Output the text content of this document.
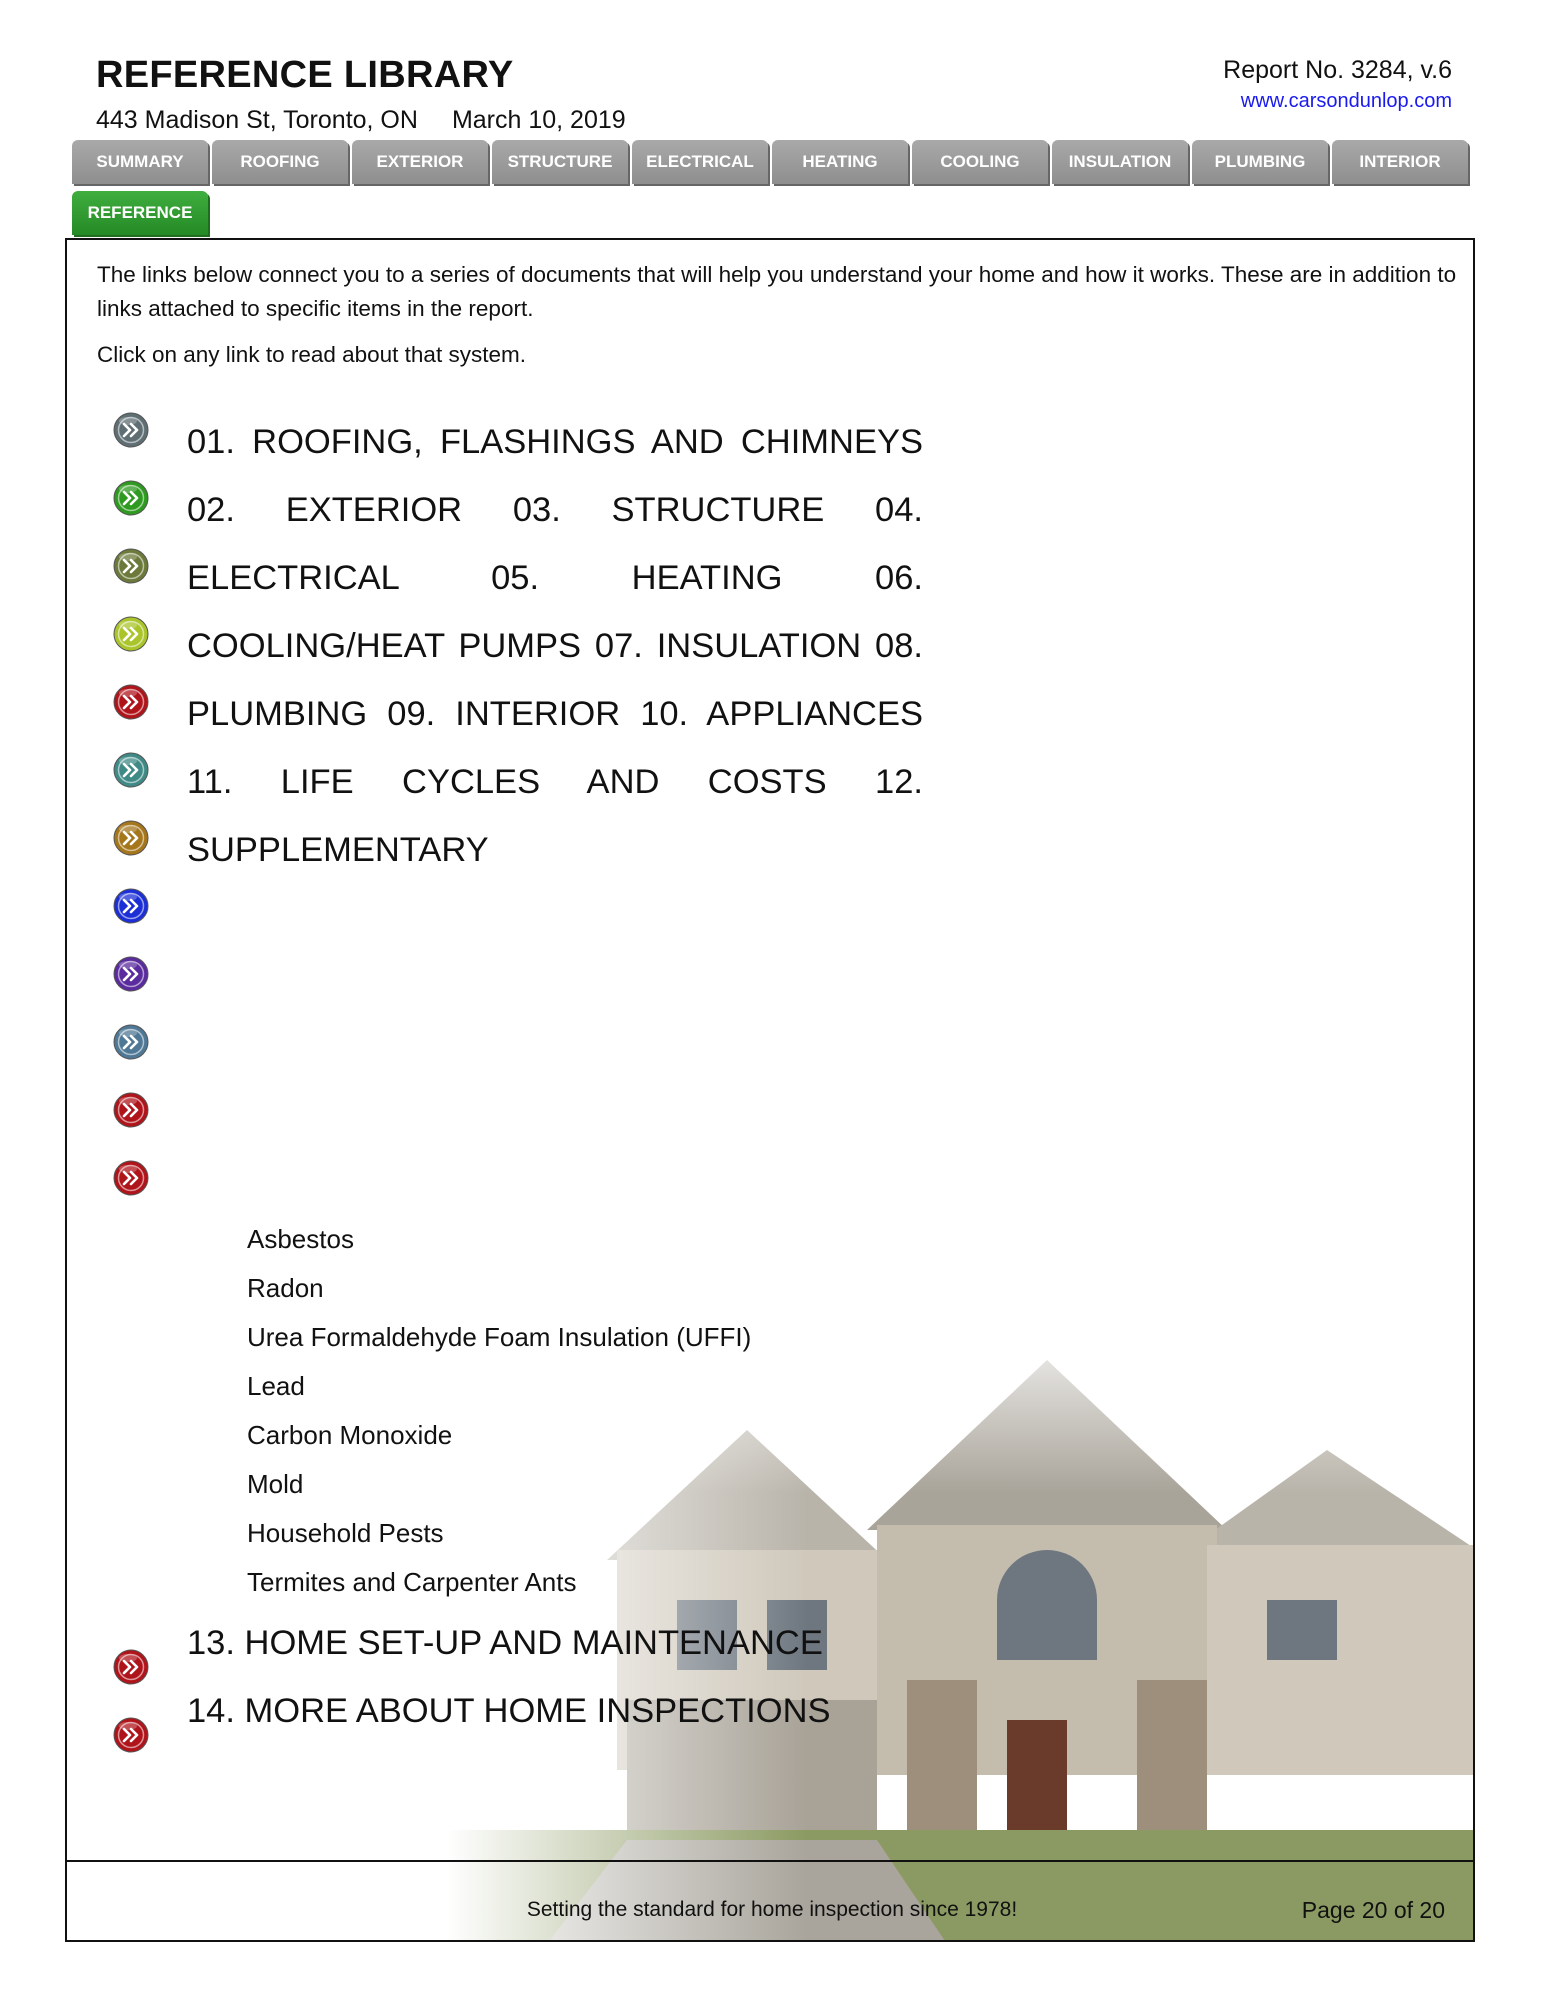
REFERENCE LIBRARY
443 Madison St, Toronto, ON March 10, 2019
Report No. 3284, v.6
www.carsondunlop.com
SUMMARY	ROOFING	EXTERIOR	STRUCTURE	ELECTRICAL	HEATING	COOLING	INSULATION	PLUMBING	INTERIOR
REFERENCE

The links below connect you to a series of documents that will help you understand your home and how it works. These are in addition to links attached to specific items in the report.

Click on any link to read about that system.

01. ROOFING, FLASHINGS AND CHIMNEYS 02. EXTERIOR 03. STRUCTURE 04. ELECTRICAL	05. HEATING	06. COOLING/HEAT PUMPS 07. INSULATION 08. PLUMBING 09. INTERIOR 10. APPLIANCES 11. LIFE CYCLES AND COSTS 12. SUPPLEMENTARY
Asbestos
Radon
Urea Formaldehyde Foam Insulation (UFFI)
Lead
Carbon Monoxide
Mold
Household Pests
Termites and Carpenter Ants
13. HOME SET-UP AND MAINTENANCE
14. MORE ABOUT HOME INSPECTIONS
Setting the standard for home inspection since 1978!	Page 20 of 20
